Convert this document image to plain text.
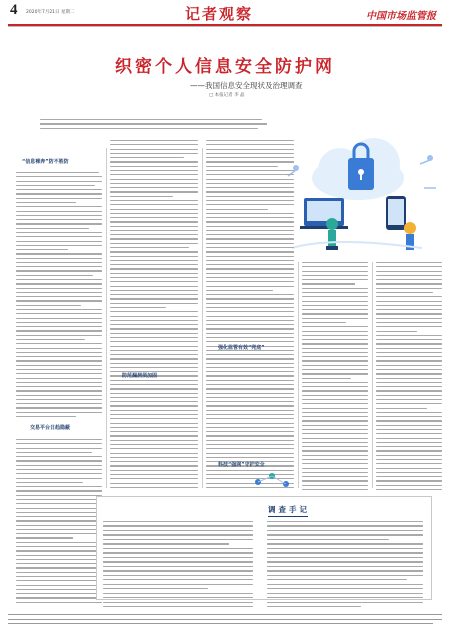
4 2020年7月21日 星期二	记者观察	中国市场监管报
织密个人信息安全防护网
——我国信息安全现状及治理调查
□ 本报记者 李 晶
“信息裸奔”防不胜防
交易平台日趋隐蔽
防范漏洞须加固
强化监管有效“兜底”
科技“强网”守护安全
调查手记
